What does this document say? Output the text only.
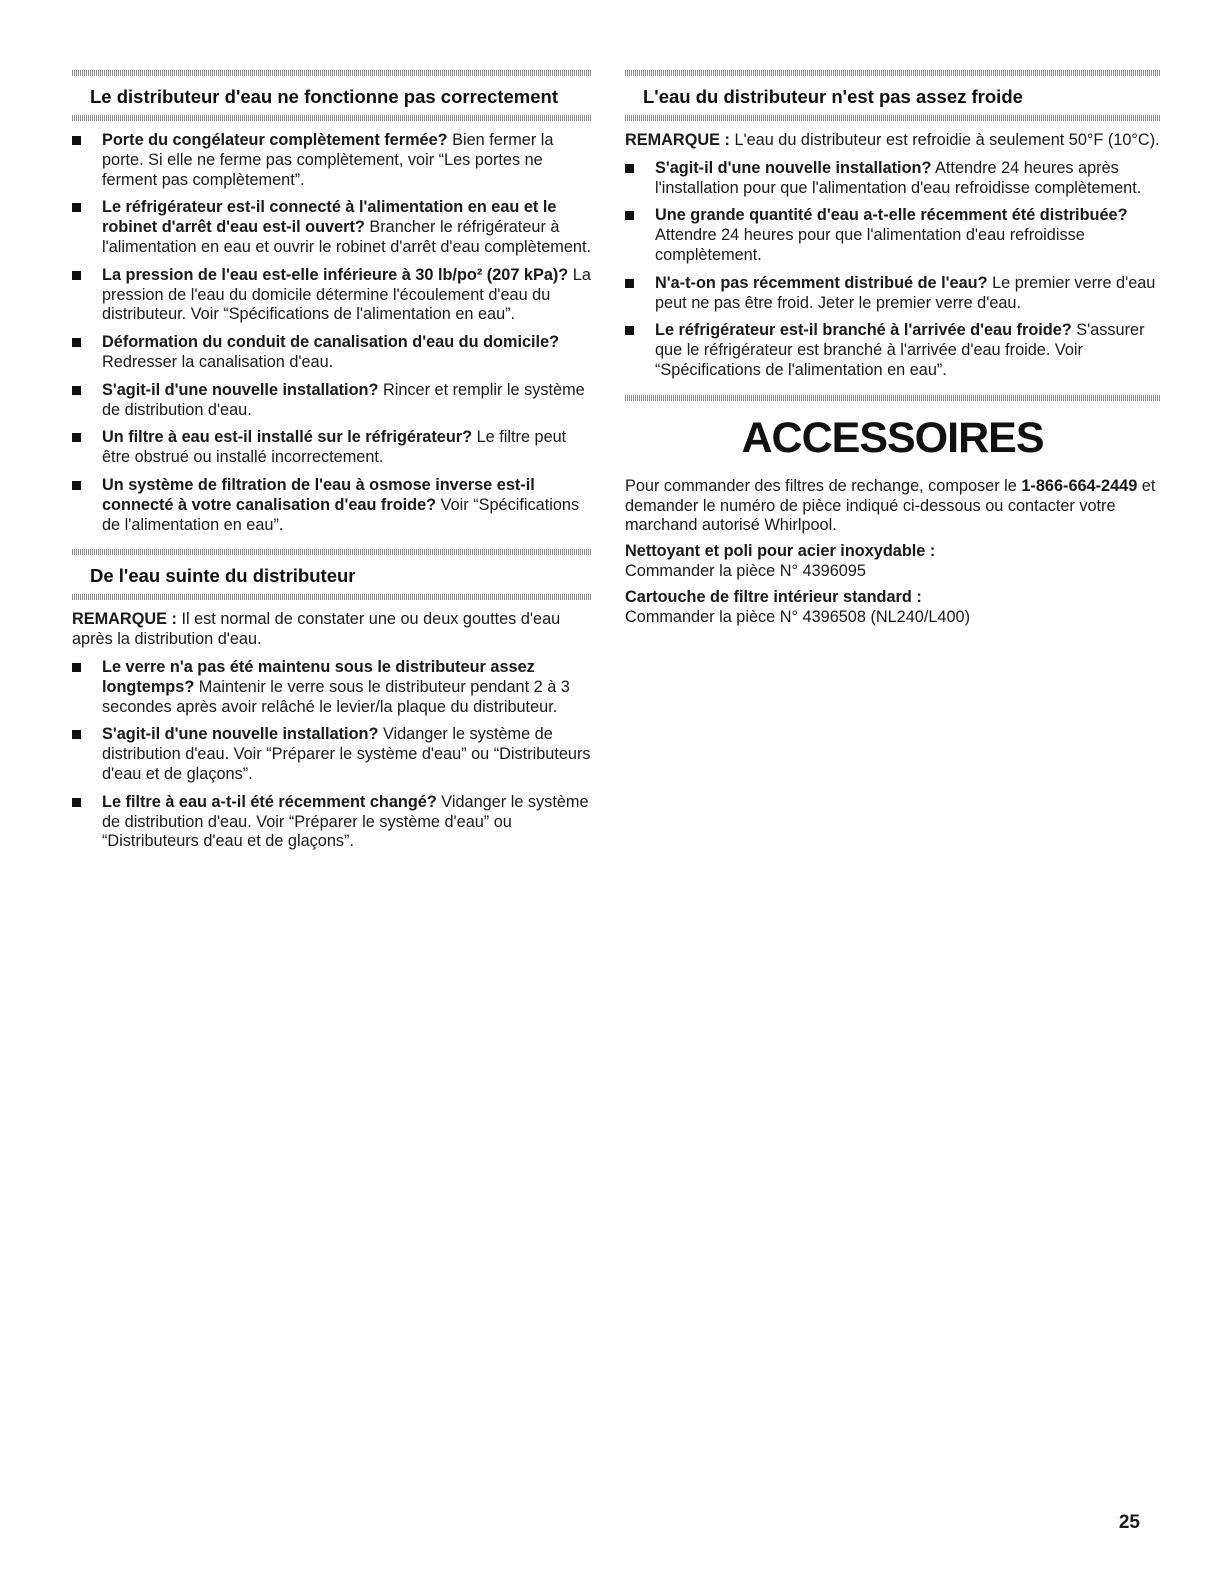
Le distributeur d'eau ne fonctionne pas correctement
Porte du congélateur complètement fermée? Bien fermer la porte. Si elle ne ferme pas complètement, voir “Les portes ne ferment pas complètement”.
Le réfrigérateur est-il connecté à l'alimentation en eau et le robinet d'arrêt d'eau est-il ouvert? Brancher le réfrigérateur à l'alimentation en eau et ouvrir le robinet d'arrêt d'eau complètement.
La pression de l'eau est-elle inférieure à 30 lb/po² (207 kPa)? La pression de l'eau du domicile détermine l'écoulement d'eau du distributeur. Voir “Spécifications de l'alimentation en eau”.
Déformation du conduit de canalisation d'eau du domicile? Redresser la canalisation d'eau.
S'agit-il d'une nouvelle installation? Rincer et remplir le système de distribution d'eau.
Un filtre à eau est-il installé sur le réfrigérateur? Le filtre peut être obstrué ou installé incorrectement.
Un système de filtration de l'eau à osmose inverse est-il connecté à votre canalisation d'eau froide? Voir “Spécifications de l'alimentation en eau”.
De l'eau suinte du distributeur

REMARQUE : Il est normal de constater une ou deux gouttes d'eau après la distribution d'eau.

Le verre n'a pas été maintenu sous le distributeur assez longtemps? Maintenir le verre sous le distributeur pendant 2 à 3 secondes après avoir relâché le levier/la plaque du distributeur.
S'agit-il d'une nouvelle installation? Vidanger le système de distribution d'eau. Voir “Préparer le système d'eau” ou “Distributeurs d'eau et de glaçons”.
Le filtre à eau a-t-il été récemment changé? Vidanger le système de distribution d'eau. Voir “Préparer le système d'eau” ou “Distributeurs d'eau et de glaçons”.
L'eau du distributeur n'est pas assez froide

REMARQUE : L'eau du distributeur est refroidie à seulement 50°F (10°C).

S'agit-il d'une nouvelle installation? Attendre 24 heures après l'installation pour que l'alimentation d'eau refroidisse complètement.
Une grande quantité d'eau a-t-elle récemment été distribuée? Attendre 24 heures pour que l'alimentation d'eau refroidisse complètement.
N'a-t-on pas récemment distribué de l'eau? Le premier verre d'eau peut ne pas être froid. Jeter le premier verre d'eau.
Le réfrigérateur est-il branché à l'arrivée d'eau froide? S'assurer que le réfrigérateur est branché à l'arrivée d'eau froide. Voir “Spécifications de l'alimentation en eau”.
ACCESSOIRES

Pour commander des filtres de rechange, composer le 1-866-664-2449 et demander le numéro de pièce indiqué ci-dessous ou contacter votre marchand autorisé Whirlpool.

Nettoyant et poli pour acier inoxydable :
Commander la pièce N° 4396095
Cartouche de filtre intérieur standard :
Commander la pièce N° 4396508 (NL240/L400)
25
